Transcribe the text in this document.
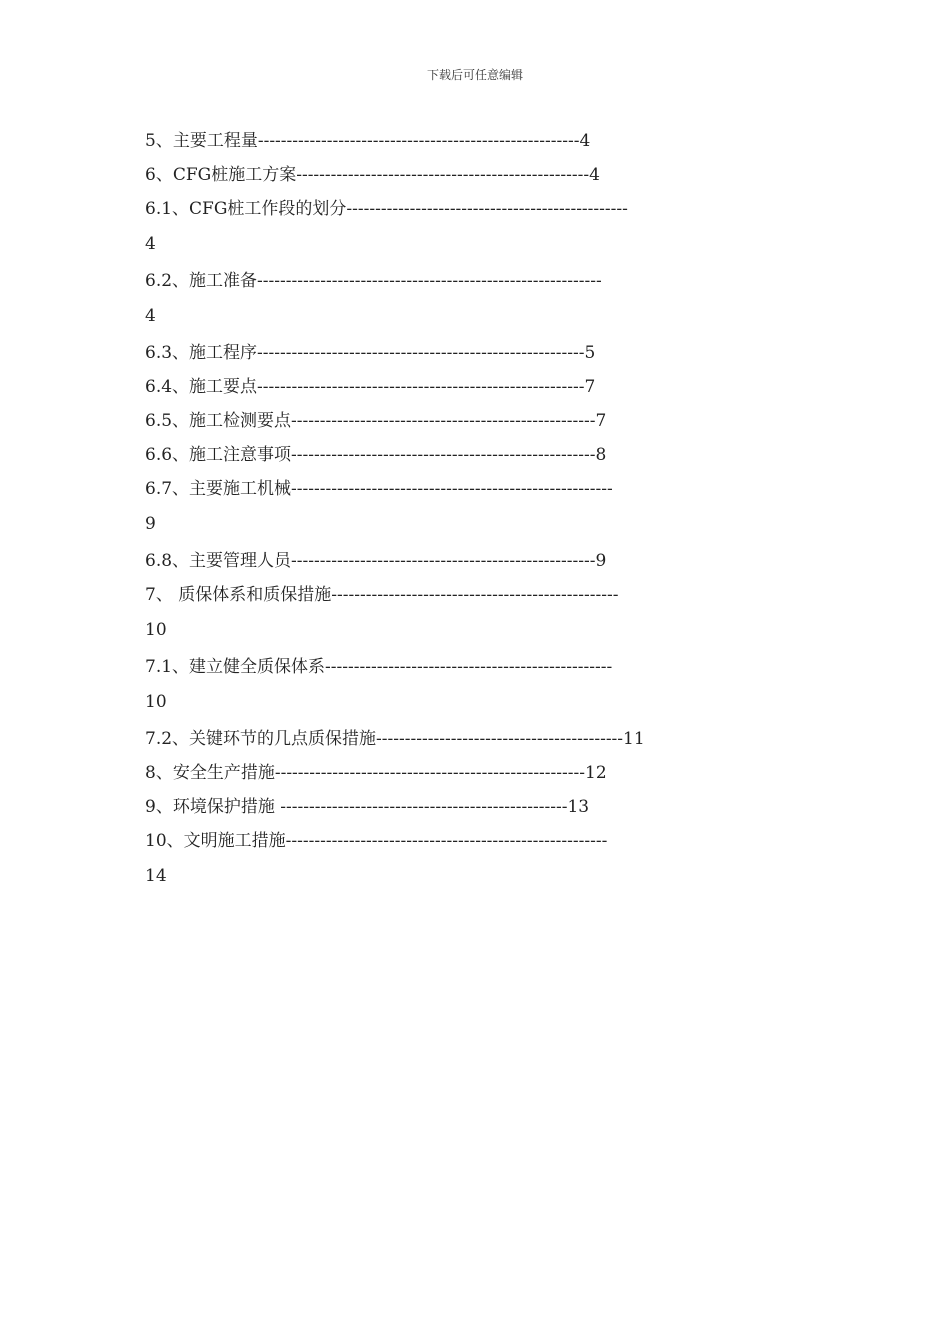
下载后可任意编辑
5、主要工程量--------------------------------------------------------4
6、CFG桩施工方案---------------------------------------------------4
6.1、CFG桩工作段的划分-------------------------------------------------
4
6.2、施工准备------------------------------------------------------------
4
6.3、施工程序---------------------------------------------------------5
6.4、施工要点---------------------------------------------------------7
6.5、施工检测要点-----------------------------------------------------7
6.6、施工注意事项-----------------------------------------------------8
6.7、主要施工机械--------------------------------------------------------
9
6.8、主要管理人员-----------------------------------------------------9
7、 质保体系和质保措施--------------------------------------------------
10
7.1、建立健全质保体系--------------------------------------------------
10
7.2、关键环节的几点质保措施-------------------------------------------11
8、安全生产措施------------------------------------------------------12
9、环境保护措施 --------------------------------------------------13
10、文明施工措施--------------------------------------------------------
14
